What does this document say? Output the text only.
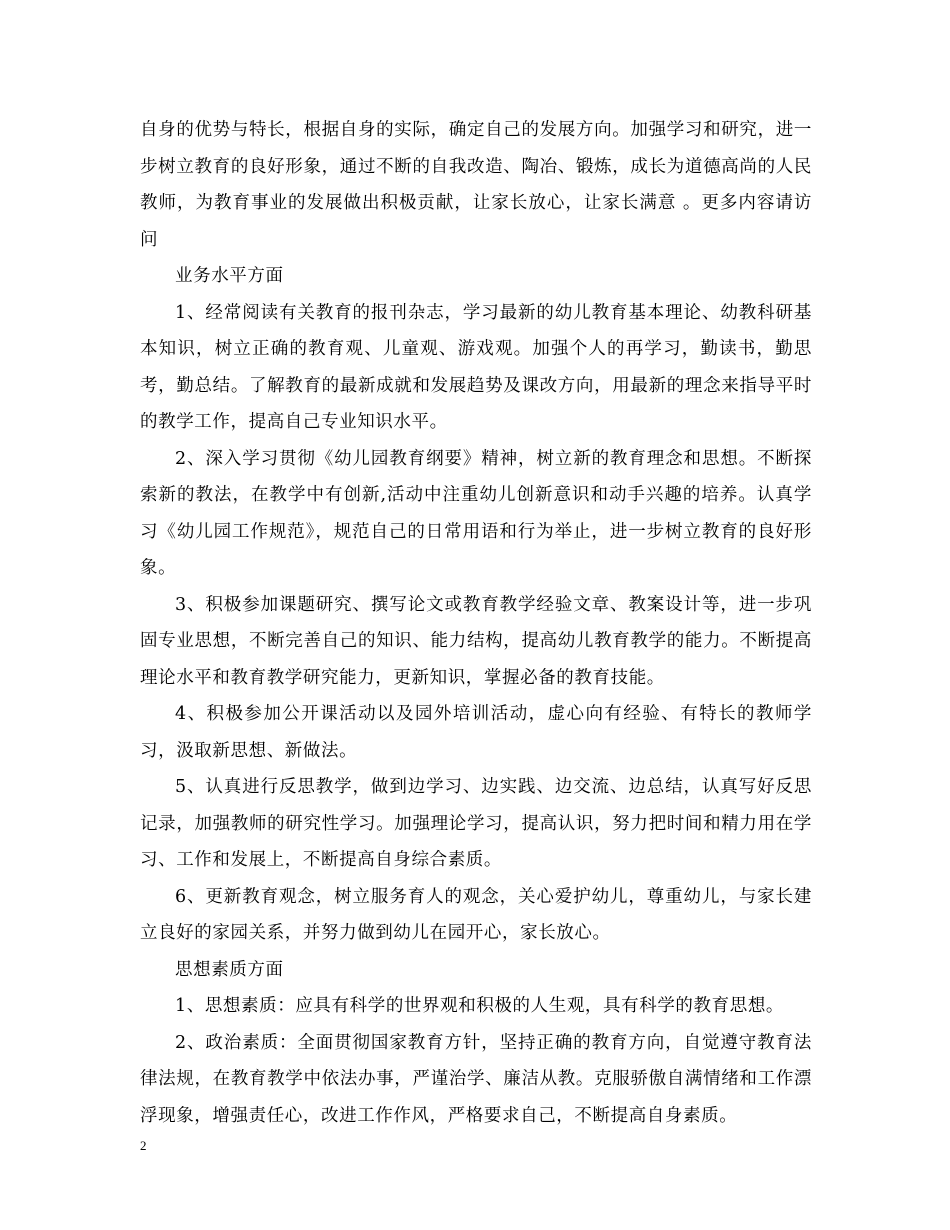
自身的优势与特长，根据自身的实际，确定自己的发展方向。加强学习和研究，进一步树立教育的良好形象，通过不断的自我改造、陶冶、锻炼，成长为道德高尚的人民教师，为教育事业的发展做出积极贡献，让家长放心，让家长满意 。更多内容请访问

业务水平方面

1、经常阅读有关教育的报刊杂志，学习最新的幼儿教育基本理论、幼教科研基本知识，树立正确的教育观、儿童观、游戏观。加强个人的再学习，勤读书，勤思考，勤总结。了解教育的最新成就和发展趋势及课改方向，用最新的理念来指导平时的教学工作，提高自己专业知识水平。

2、深入学习贯彻《幼儿园教育纲要》精神，树立新的教育理念和思想。不断探索新的教法，在教学中有创新,活动中注重幼儿创新意识和动手兴趣的培养。认真学习《幼儿园工作规范》，规范自己的日常用语和行为举止，进一步树立教育的良好形象。

3、积极参加课题研究、撰写论文或教育教学经验文章、教案设计等，进一步巩固专业思想，不断完善自己的知识、能力结构，提高幼儿教育教学的能力。不断提高理论水平和教育教学研究能力，更新知识，掌握必备的教育技能。

4、积极参加公开课活动以及园外培训活动，虚心向有经验、有特长的教师学习，汲取新思想、新做法。

5、认真进行反思教学，做到边学习、边实践、边交流、边总结，认真写好反思记录，加强教师的研究性学习。加强理论学习，提高认识，努力把时间和精力用在学习、工作和发展上，不断提高自身综合素质。

6、更新教育观念，树立服务育人的观念，关心爱护幼儿，尊重幼儿，与家长建立良好的家园关系，并努力做到幼儿在园开心，家长放心。

思想素质方面

1、思想素质：应具有科学的世界观和积极的人生观，具有科学的教育思想。

2、政治素质：全面贯彻国家教育方针，坚持正确的教育方向，自觉遵守教育法律法规，在教育教学中依法办事，严谨治学、廉洁从教。克服骄傲自满情绪和工作漂浮现象，增强责任心，改进工作作风，严格要求自己，不断提高自身素质。

2
